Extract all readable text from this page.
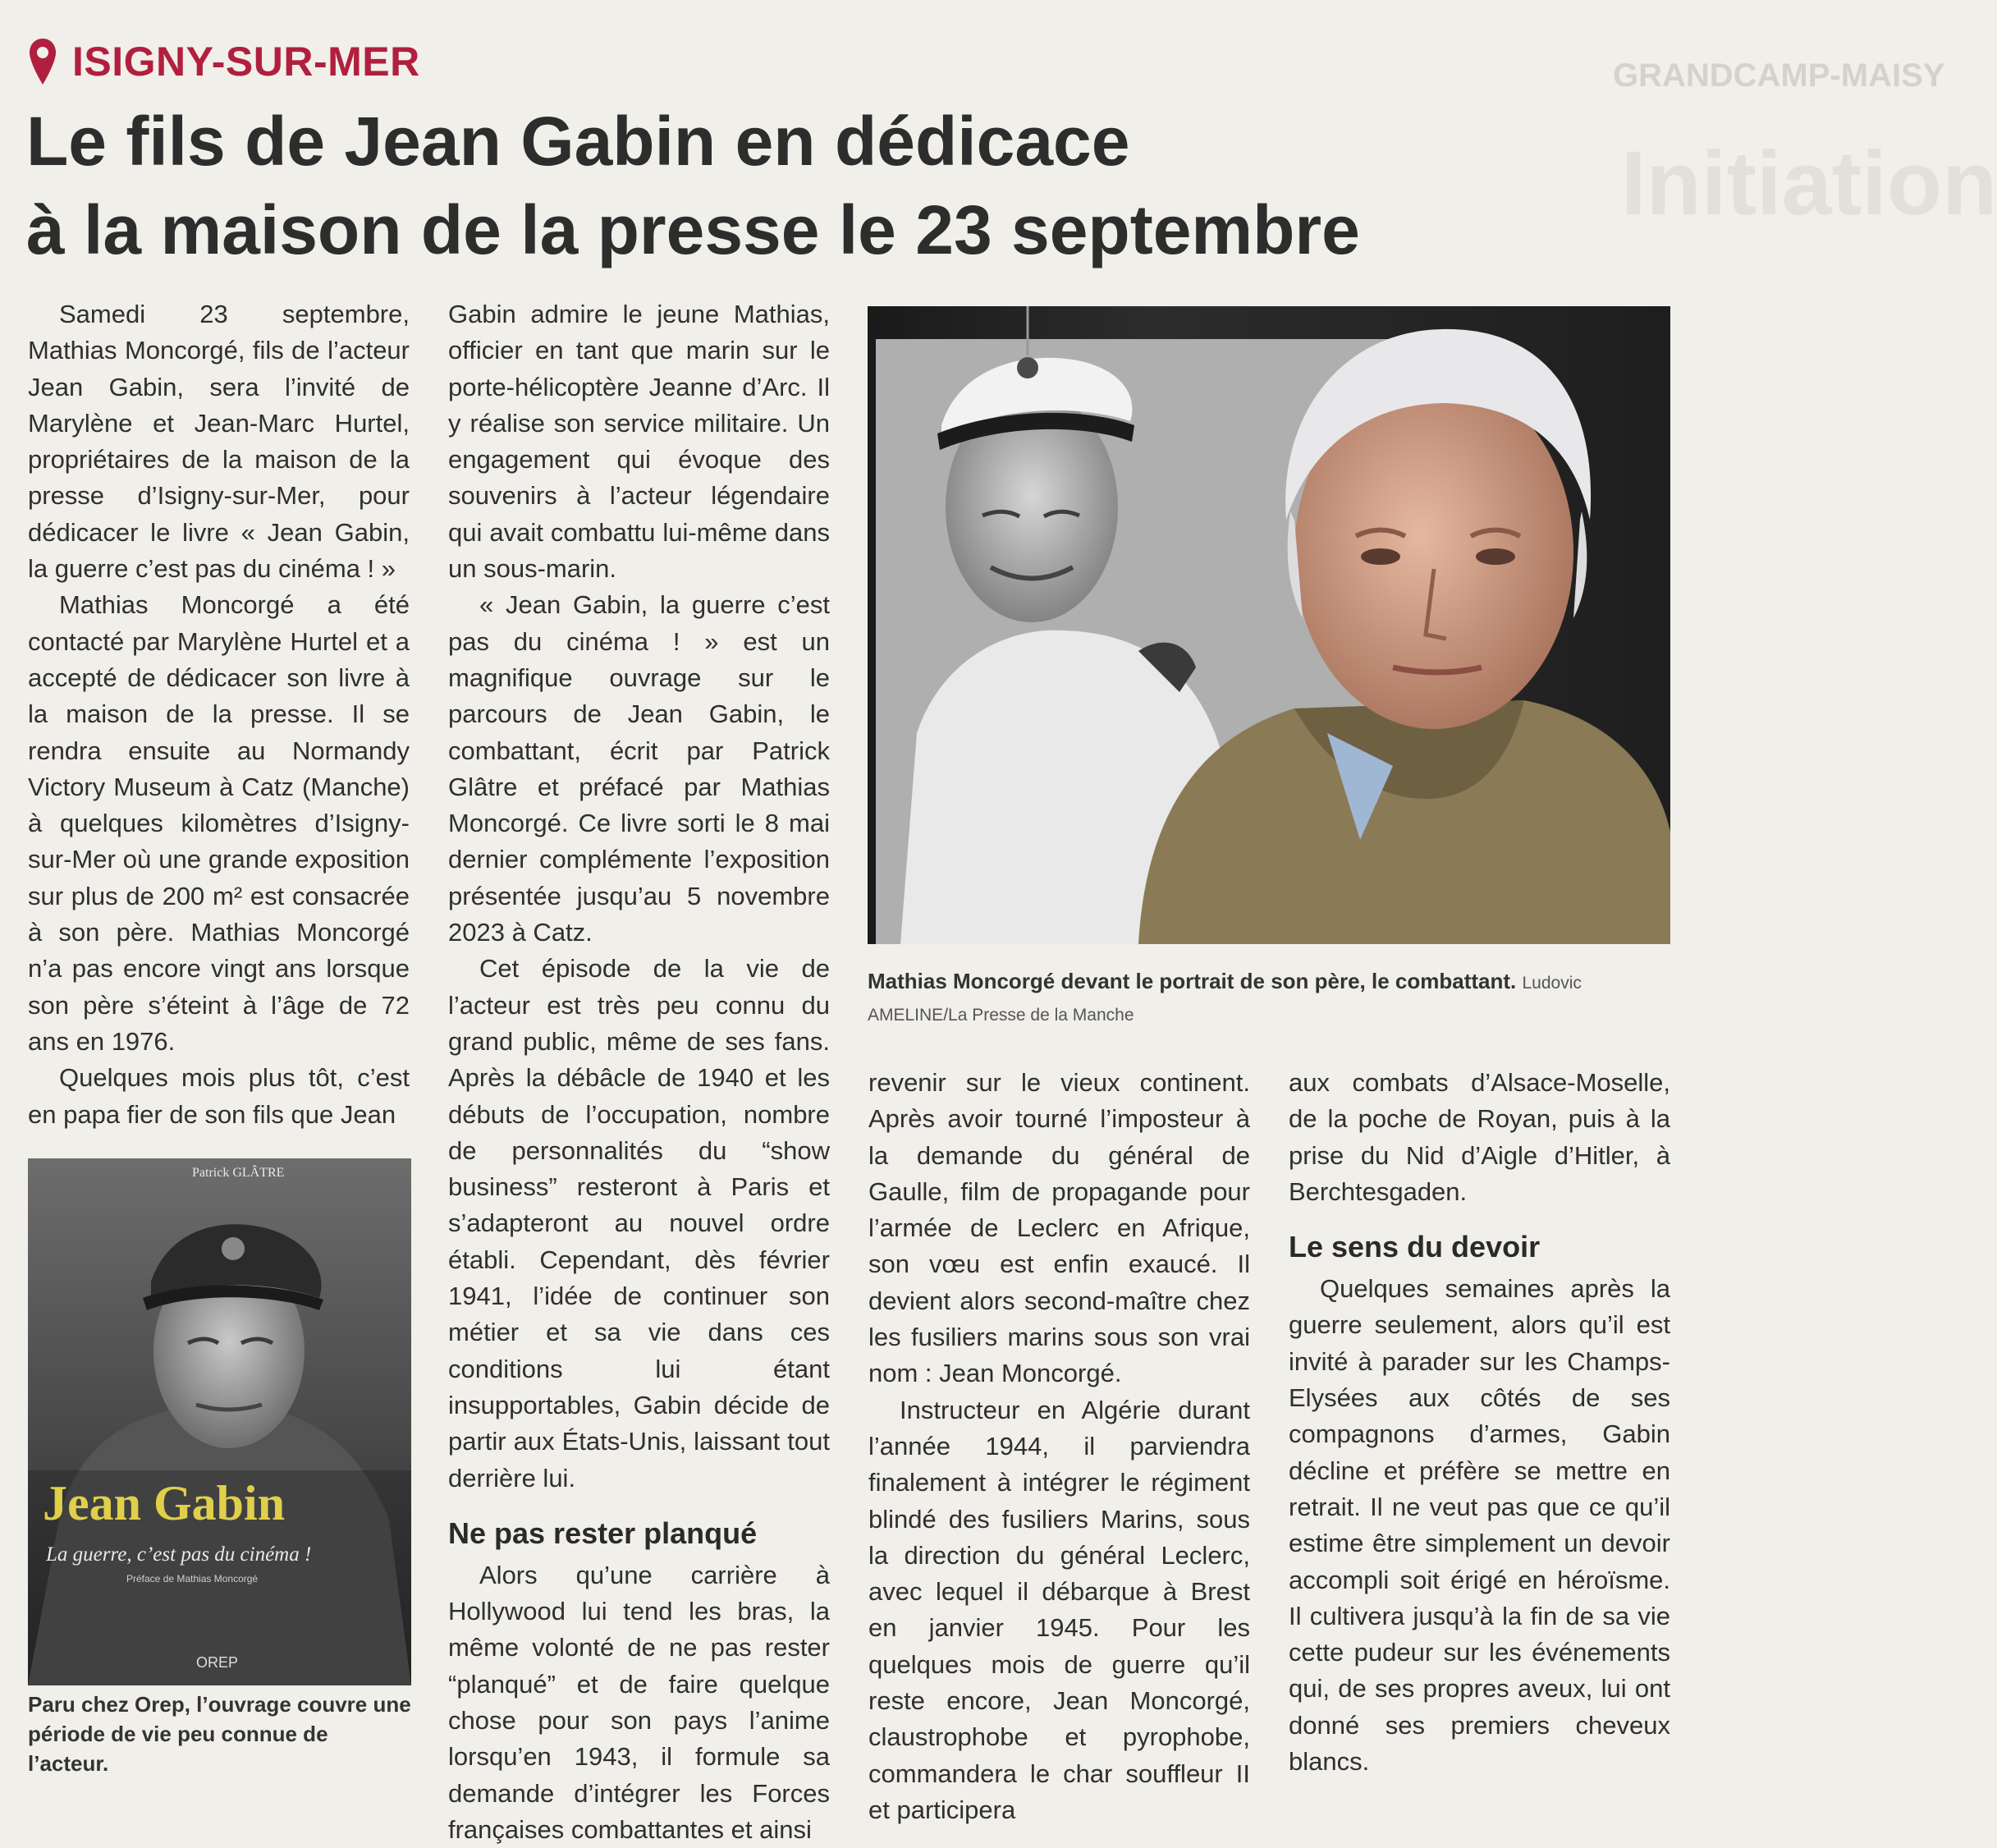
GRANDCAMP-MAISY
Initiation
ISIGNY-SUR-MER
Le fils de Jean Gabin en dédicace
à la maison de la presse le 23 septembre

Samedi 23 septembre, Mathias Moncorgé, fils de l’acteur Jean Gabin, sera l’invité de Marylène et Jean-Marc Hurtel, propriétaires de la maison de la presse d’Isigny-sur-Mer, pour dédicacer le livre « Jean Gabin, la guerre c’est pas du cinéma ! »

Mathias Moncorgé a été contacté par Marylène Hurtel et a accepté de dédicacer son livre à la maison de la presse. Il se rendra ensuite au Normandy Victory Museum à Catz (Manche) à quelques kilomètres d’Isigny-sur-Mer où une grande exposition sur plus de 200 m² est consacrée à son père. Mathias Moncorgé n’a pas encore vingt ans lorsque son père s’éteint à l’âge de 72 ans en 1976.

Quelques mois plus tôt, c’est en papa fier de son fils que Jean

Patrick GLÂTRE
Jean Gabin
La guerre, c’est pas du cinéma !
Préface de Mathias Moncorgé
OREP
Paru chez Orep, l’ouvrage couvre une période de vie peu connue de l’acteur.

Gabin admire le jeune Mathias, officier en tant que marin sur le porte-hélicoptère Jeanne d’Arc. Il y réalise son service militaire. Un engagement qui évoque des souvenirs à l’acteur légendaire qui avait combattu lui-même dans un sous-marin.

« Jean Gabin, la guerre c’est pas du cinéma ! » est un magnifique ouvrage sur le parcours de Jean Gabin, le combattant, écrit par Patrick Glâtre et préfacé par Mathias Moncorgé. Ce livre sorti le 8 mai dernier complémente l’exposition présentée jusqu’au 5 novembre 2023 à Catz.

Cet épisode de la vie de l’acteur est très peu connu du grand public, même de ses fans. Après la débâcle de 1940 et les débuts de l’occupation, nombre de personnalités du “show business” resteront à Paris et s’adapteront au nouvel ordre établi. Cependant, dès février 1941, l’idée de continuer son métier et sa vie dans ces conditions lui étant insupportables, Gabin décide de partir aux États-Unis, laissant tout derrière lui.

Ne pas rester planqué

Alors qu’une carrière à Hollywood lui tend les bras, la même volonté de ne pas rester “planqué” et de faire quelque chose pour son pays l’anime lorsqu’en 1943, il formule sa demande d’intégrer les Forces françaises combattantes et ainsi

Mathias Moncorgé devant le portrait de son père, le combattant. Ludovic AMELINE/La Presse de la Manche

revenir sur le vieux continent. Après avoir tourné l’imposteur à la demande du général de Gaulle, film de propagande pour l’armée de Leclerc en Afrique, son vœu est enfin exaucé. Il devient alors second-maître chez les fusiliers marins sous son vrai nom : Jean Moncorgé.

Instructeur en Algérie durant l’année 1944, il parviendra finalement à intégrer le régiment blindé des fusiliers Marins, sous la direction du général Leclerc, avec lequel il débarque à Brest en janvier 1945. Pour les quelques mois de guerre qu’il reste encore, Jean Moncorgé, claustrophobe et pyrophobe, commandera le char souffleur II et participera

aux combats d’Alsace-Moselle, de la poche de Royan, puis à la prise du Nid d’Aigle d’Hitler, à Berchtesgaden.

Le sens du devoir

Quelques semaines après la guerre seulement, alors qu’il est invité à parader sur les Champs-Elysées aux côtés de ses compagnons d’armes, Gabin décline et préfère se mettre en retrait. Il ne veut pas que ce qu’il estime être simplement un devoir accompli soit érigé en héroïsme. Il cultivera jusqu’à la fin de sa vie cette pudeur sur les événements qui, de ses propres aveux, lui ont donné ses premiers cheveux blancs.
